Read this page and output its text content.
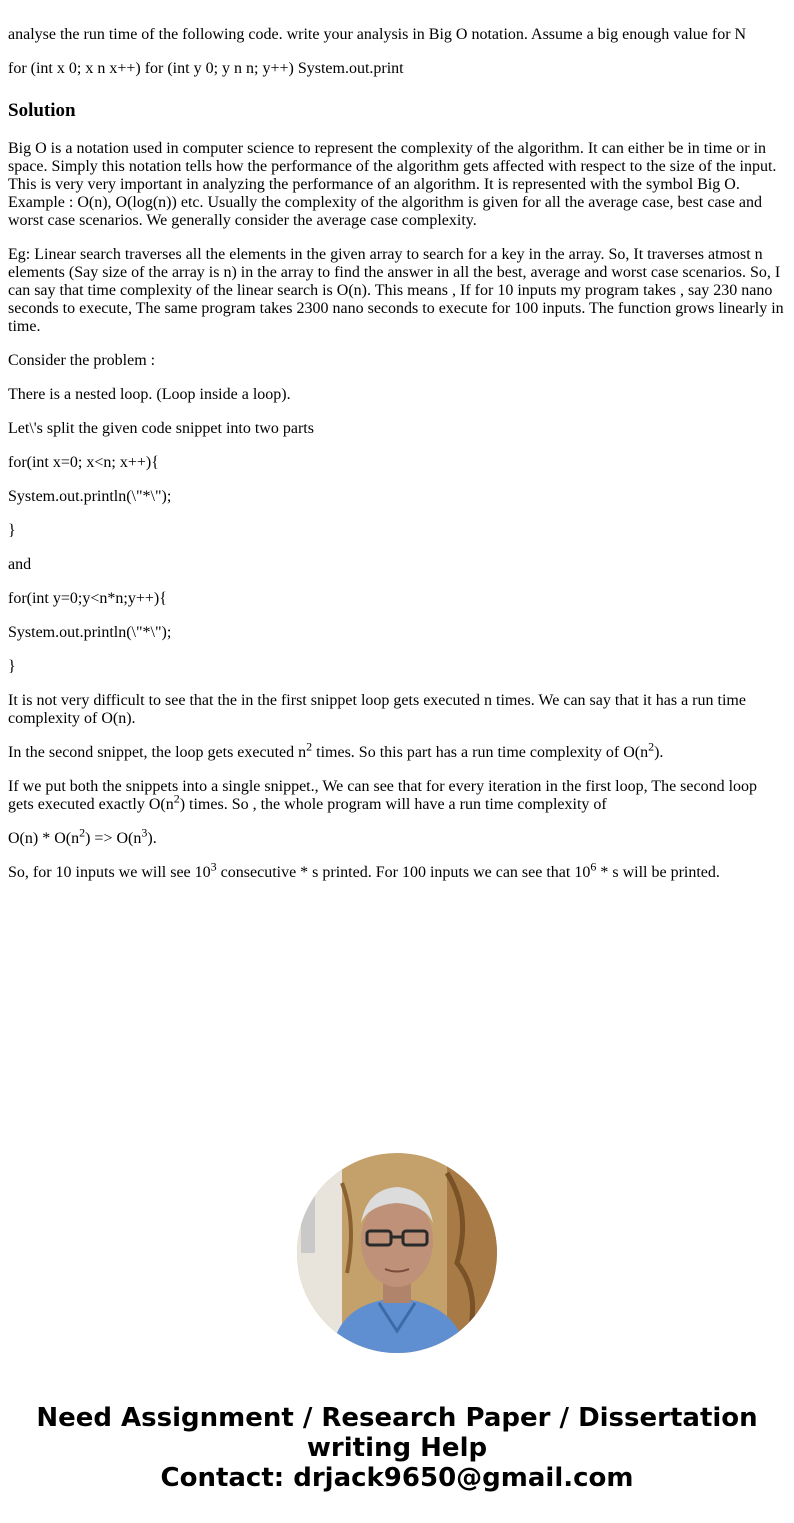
analyse the run time of the following code. write your analysis in Big O notation. Assume a big enough value for N

for (int x 0; x n x++) for (int y 0; y n n; y++) System.out.print

Solution

Big O is a notation used in computer science to represent the complexity of the algorithm. It can either be in time or in space. Simply this notation tells how the performance of the algorithm gets affected with respect to the size of the input. This is very very important in analyzing the performance of an algorithm. It is represented with the symbol Big O. Example : O(n), O(log(n)) etc. Usually the complexity of the algorithm is given for all the average case, best case and worst case scenarios. We generally consider the average case complexity.

Eg: Linear search traverses all the elements in the given array to search for a key in the array. So, It traverses atmost n elements (Say size of the array is n) in the array to find the answer in all the best, average and worst case scenarios. So, I can say that time complexity of the linear search is O(n). This means , If for 10 inputs my program takes , say 230 nano seconds to execute, The same program takes 2300 nano seconds to execute for 100 inputs. The function grows linearly in time.

Consider the problem :

There is a nested loop. (Loop inside a loop).

Let\'s split the given code snippet into two parts

for(int x=0; x<n; x++){

System.out.println(\"*\");

}

and

for(int y=0;y<n*n;y++){

System.out.println(\"*\");

}

It is not very difficult to see that the in the first snippet loop gets executed n times. We can say that it has a run time complexity of O(n).

In the second snippet, the loop gets executed $n^2$ times. So this part has a run time complexity of $O(n^2)$.

If we put both the snippets into a single snippet., We can see that for every iteration in the first loop, The second loop gets executed exactly $O(n^2)$ times. So , the whole program will have a run time complexity of

$O(n) * O(n^2) => O(n^3)$.

So, for 10 inputs we will see $10^3$ consecutive * s printed. For 100 inputs we can see that $10^6$ * s will be printed.

Need Assignment / Research Paper / Dissertation
writing Help
Contact: drjack9650@gmail.com
